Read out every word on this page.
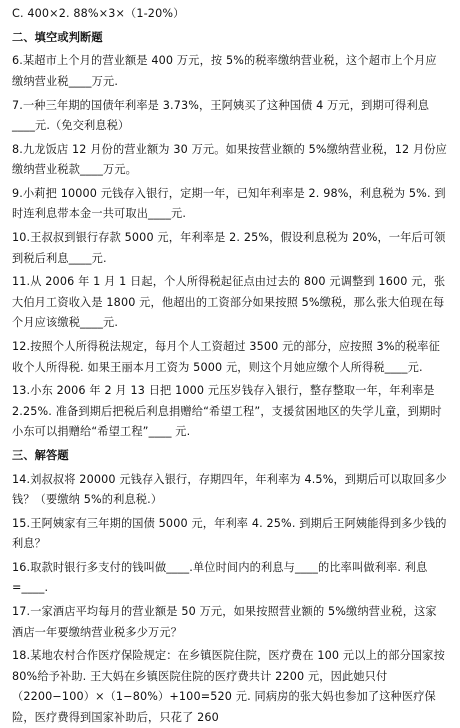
C. 400×2. 88%×3×（1-20%）
二、填空或判断题
6.某超市上个月的营业额是 400 万元，按 5%的税率缴纳营业税，这个超市上个月应缴纳营业税____万元.
7.一种三年期的国债年利率是 3.73%，王阿姨买了这种国债 4 万元，到期可得利息____元.（免交利息税）
8.九龙饭店 12 月份的营业额为 30 万元。如果按营业额的 5%缴纳营业税，12 月份应缴纳营业税款____万元。
9.小莉把 10000 元钱存入银行，定期一年，已知年利率是 2. 98%，利息税为 5%. 到时连利息带本金一共可取出____元.
10.王叔叔到银行存款 5000 元，年利率是 2. 25%，假设利息税为 20%，一年后可领到税后利息____元.
11.从 2006 年 1 月 1 日起，个人所得税起征点由过去的 800 元调整到 1600 元，张大伯月工资收入是 1800 元，他超出的工资部分如果按照 5%缴税，那么张大伯现在每个月应该缴税____元.
12.按照个人所得税法规定，每月个人工资超过 3500 元的部分，应按照 3%的税率征收个人所得税. 如果王丽本月工资为 5000 元，则这个月她应缴个人所得税____元.
13.小东 2006 年 2 月 13 日把 1000 元压岁钱存入银行，整存整取一年，年利率是 2.25%. 准备到期后把税后利息捐赠给“希望工程”，支援贫困地区的失学儿童，到期时小东可以捐赠给“希望工程”____ 元.
三、解答题
14.刘叔叔将 20000 元钱存入银行，存期四年，年利率为 4.5%，到期后可以取回多少钱？（要缴纳 5%的利息税.）
15.王阿姨家有三年期的国债 5000 元，年利率 4. 25%. 到期后王阿姨能得到多少钱的利息？
16.取款时银行多支付的钱叫做____.单位时间内的利息与____的比率叫做利率. 利息=____.
17.一家酒店平均每月的营业额是 50 万元，如果按照营业额的 5%缴纳营业税，这家酒店一年要缴纳营业税多少万元？
18.某地农村合作医疗保险规定：在乡镇医院住院，医疗费在 100 元以上的部分国家按 80%给予补助. 王大妈在乡镇医院住院的医疗费共计 2200 元，因此她只付（2200−100）×（1−80%）+100=520 元. 同病房的张大妈也参加了这种医疗保险，医疗费得到国家补助后，只花了 260
